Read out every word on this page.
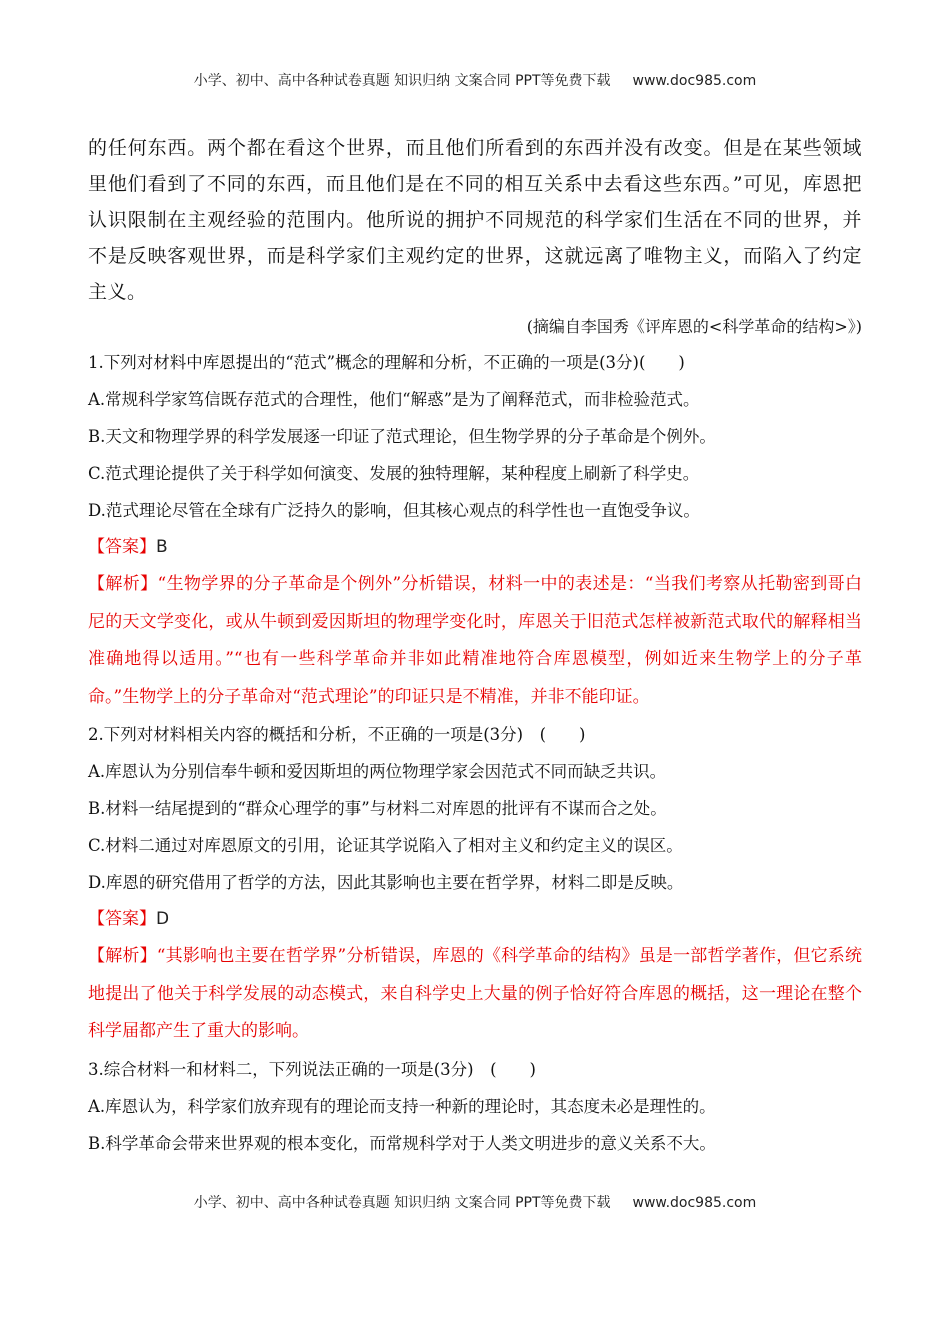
小学、初中、高中各种试卷真题 知识归纳 文案合同 PPT等免费下载 www.doc985.com

的任何东西。两个都在看这个世界，而且他们所看到的东西并没有改变。但是在某些领域里他们看到了不同的东西，而且他们是在不同的相互关系中去看这些东西。”可见，库恩把认识限制在主观经验的范围内。他所说的拥护不同规范的科学家们生活在不同的世界，并不是反映客观世界，而是科学家们主观约定的世界，这就远离了唯物主义，而陷入了约定主义。

(摘编自李国秀《评库恩的<科学革命的结构>》)

1.下列对材料中库恩提出的“范式”概念的理解和分析，不正确的一项是(3分)(　　)

A.常规科学家笃信既存范式的合理性，他们“解惑”是为了阐释范式，而非检验范式。

B.天文和物理学界的科学发展逐一印证了范式理论，但生物学界的分子革命是个例外。

C.范式理论提供了关于科学如何演变、发展的独特理解，某种程度上刷新了科学史。

D.范式理论尽管在全球有广泛持久的影响，但其核心观点的科学性也一直饱受争议。

【答案】B

【解析】“生物学界的分子革命是个例外”分析错误，材料一中的表述是：“当我们考察从托勒密到哥白尼的天文学变化，或从牛顿到爱因斯坦的物理学变化时，库恩关于旧范式怎样被新范式取代的解释相当准确地得以适用。”“也有一些科学革命并非如此精准地符合库恩模型，例如近来生物学上的分子革命。”生物学上的分子革命对“范式理论”的印证只是不精准，并非不能印证。

2.下列对材料相关内容的概括和分析，不正确的一项是(3分)　(　　)

A.库恩认为分别信奉牛顿和爱因斯坦的两位物理学家会因范式不同而缺乏共识。

B.材料一结尾提到的“群众心理学的事”与材料二对库恩的批评有不谋而合之处。

C.材料二通过对库恩原文的引用，论证其学说陷入了相对主义和约定主义的误区。

D.库恩的研究借用了哲学的方法，因此其影响也主要在哲学界，材料二即是反映。

【答案】D

【解析】“其影响也主要在哲学界”分析错误，库恩的《科学革命的结构》虽是一部哲学著作，但它系统地提出了他关于科学发展的动态模式，来自科学史上大量的例子恰好符合库恩的概括，这一理论在整个科学届都产生了重大的影响。

3.综合材料一和材料二，下列说法正确的一项是(3分)　(　　)

A.库恩认为，科学家们放弃现有的理论而支持一种新的理论时，其态度未必是理性的。

B.科学革命会带来世界观的根本变化，而常规科学对于人类文明进步的意义关系不大。

小学、初中、高中各种试卷真题 知识归纳 文案合同 PPT等免费下载 www.doc985.com
